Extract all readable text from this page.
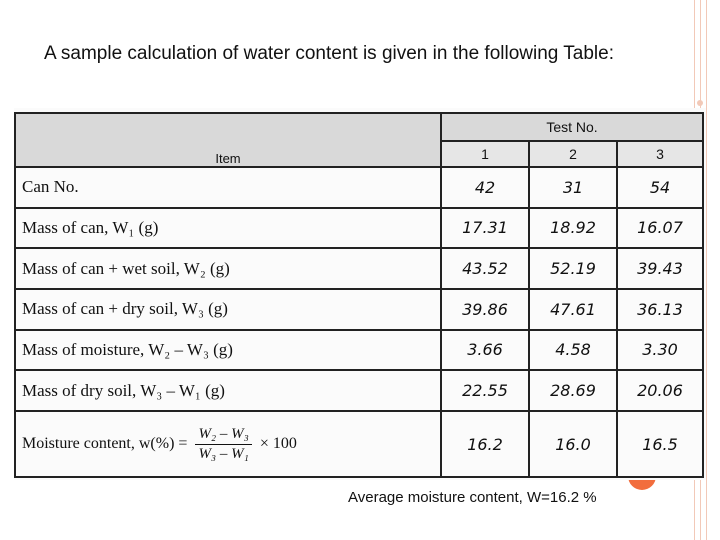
A sample calculation of water content is given in the following Table:
Item	Test No.		
	1	2	3
Can No.	42	31	54
Mass of can, W₁ (g)	17.31	18.92	16.07
Mass of can + wet soil, W₂ (g)	43.52	52.19	39.43
Mass of can + dry soil, W₃ (g)	39.86	47.61	36.13
Mass of moisture, W₂ – W₃ (g)	3.66	4.58	3.30
Mass of dry soil, W₃ – W₁ (g)	22.55	28.69	20.06

Moisture content, $w(\%) = \frac{\text{W₂ – W₃}}{\text{W₃ – W₁}} \times 100$	16.2	16.0	16.5
Average moisture content, W=16.2 %
